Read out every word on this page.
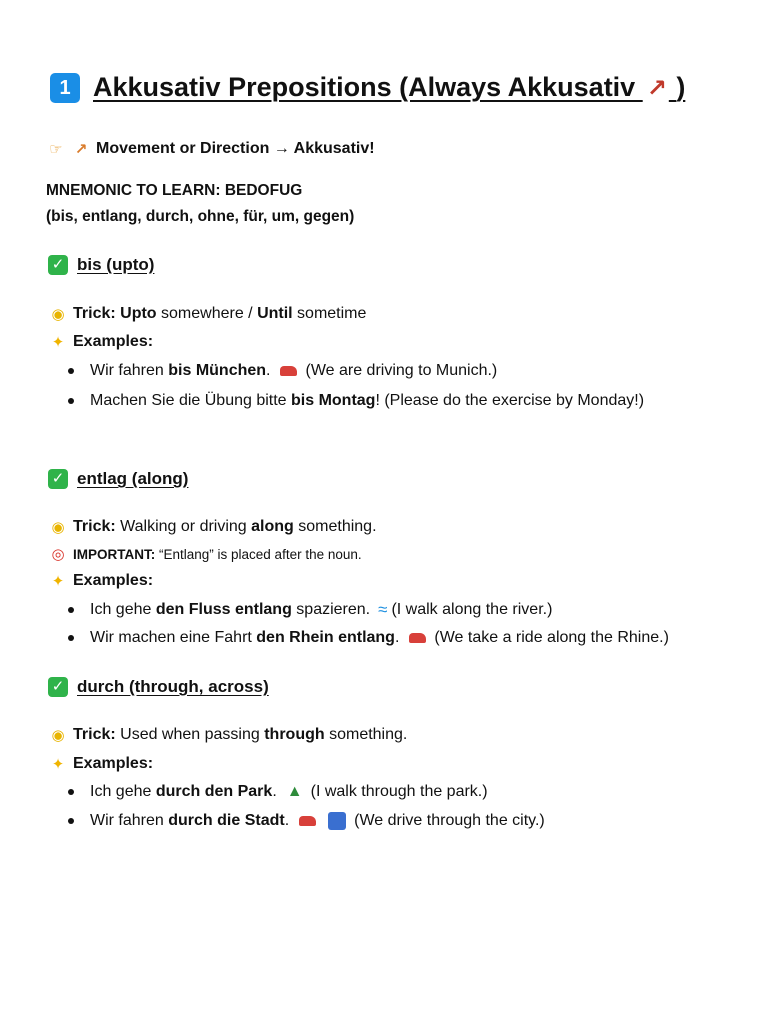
1 Akkusativ Prepositions (Always Akkusativ ↗ )
☞ ↗ Movement or Direction → Akkusativ!
MNEMONIC TO LEARN: BEDOFUG
(bis, entlang, durch, ohne, für, um, gegen)
✓ bis (upto)
◉ Trick:
Upto somewhere / Until sometime
✦ Examples:
Wir fahren bis München . (We are driving to Munich.)
Machen Sie die Übung bitte bis Montag ! (Please do the exercise by Monday!)
✓ entlag (along)
◉ Trick: Walking or driving along something.
◎ IMPORTANT: “Entlang” is placed after the noun.
✦ Examples:
Ich gehe den Fluss entlang spazieren. ≈ (I walk along the river.)
Wir machen eine Fahrt den Rhein entlang . (We take a ride along the Rhine.)
✓ durch (through, across)
◉ Trick: Used when passing through something.
✦ Examples:
Ich gehe durch den Park . ▲ (I walk through the park.)
Wir fahren durch die Stadt .	(We drive through the city.)
